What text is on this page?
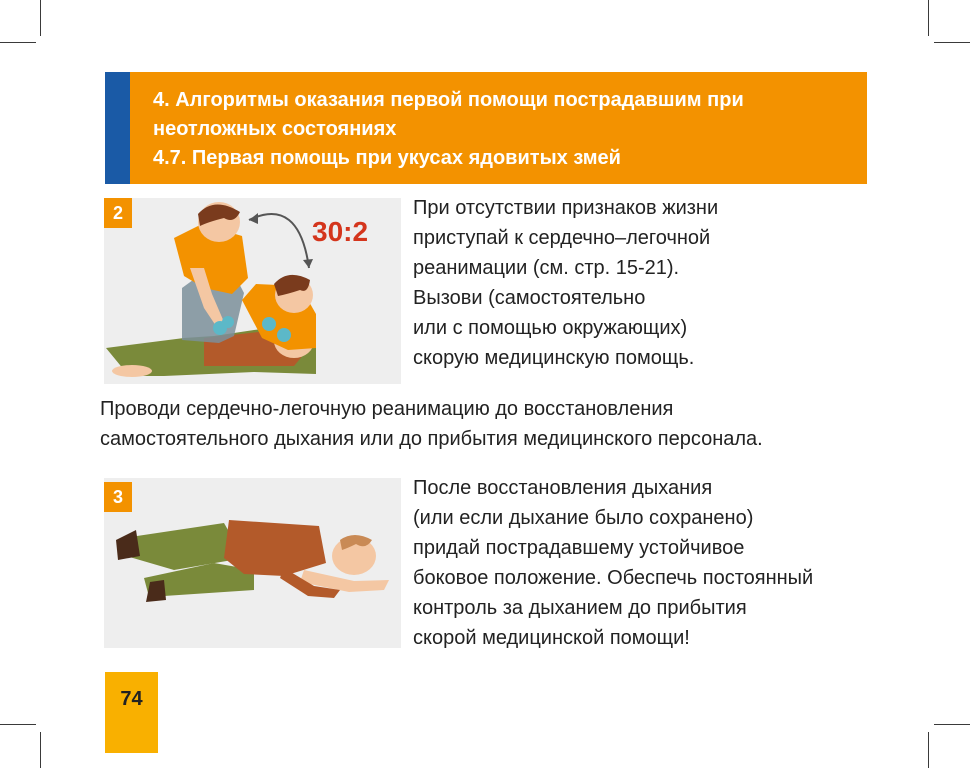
4. Алгоритмы оказания первой помощи пострадавшим при
неотложных состояниях
4.7. Первая помощь при укусах ядовитых змей
2
30:2
При отсутствии признаков жизни
приступай к сердечно–легочной
реанимации (см. стр. 15-21).
Вызови (самостоятельно
или с помощью окружающих)
скорую медицинскую помощь.
Проводи сердечно-легочную реанимацию до восстановления
самостоятельного дыхания или до прибытия медицинского персонала.
3	После восстановления дыхания
(или если дыхание было сохранено)
придай пострадавшему устойчивое
боковое положение. Обеспечь постоянный
контроль за дыханием до прибытия
скорой медицинской помощи!
74
